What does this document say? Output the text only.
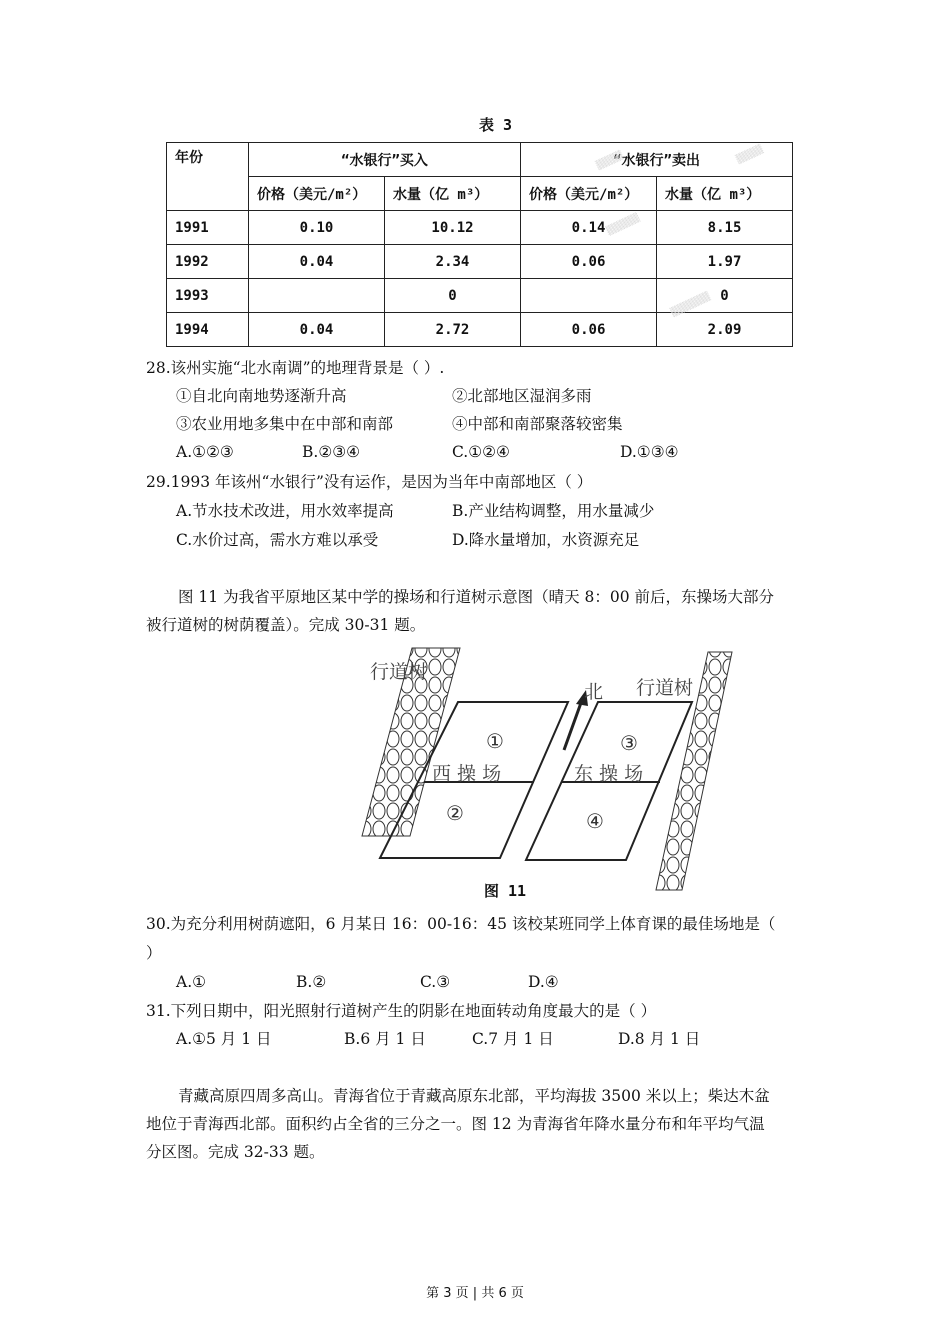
表 3
年份	“水银行”买入		“水银行”卖出	
	价格（美元/m²）	水量（亿 m³）	价格（美元/m²）	水量（亿 m³）
1991	0.10	10.12	0.14	8.15
1992	0.04	2.34	0.06	1.97
1993		0		0
1994	0.04	2.72	0.06	2.09
▒▒▒▒	▒▒▒▒
▒▒▒▒▒
▒▒▒▒▒▒
28.该州实施“北水南调”的地理背景是（ ）.
①自北向南地势逐渐升高	②北部地区湿润多雨
③农业用地多集中在中部和南部	④中部和南部聚落较密集
A.①②③	B.②③④	C.①②④	D.①③④
29.1993 年该州“水银行”没有运作，是因为当年中南部地区（ ）
A.节水技术改进，用水效率提高	B.产业结构调整，用水量减少
C.水价过高，需水方难以承受	D.降水量增加，水资源充足
图 11 为我省平原地区某中学的操场和行道树示意图（晴天 8：00 前后，东操场大部分
被行道树的树荫覆盖）。完成 30-31 题。
行道树
行道树
北
西 操 场	东 操 场
①
②
③
④
图 11
30.为充分利用树荫遮阳，6 月某日 16：00-16：45 该校某班同学上体育课的最佳场地是（
）
A.①	B.②	C.③	D.④
31.下列日期中，阳光照射行道树产生的阴影在地面转动角度最大的是（ ）
A.①5 月 1 日	B.6 月 1 日	C.7 月 1 日	D.8 月 1 日
青藏高原四周多高山。青海省位于青藏高原东北部，平均海拔 3500 米以上；柴达木盆
地位于青海西北部。面积约占全省的三分之一。图 12 为青海省年降水量分布和年平均气温
分区图。完成 32-33 题。
第 3 页 | 共 6 页
